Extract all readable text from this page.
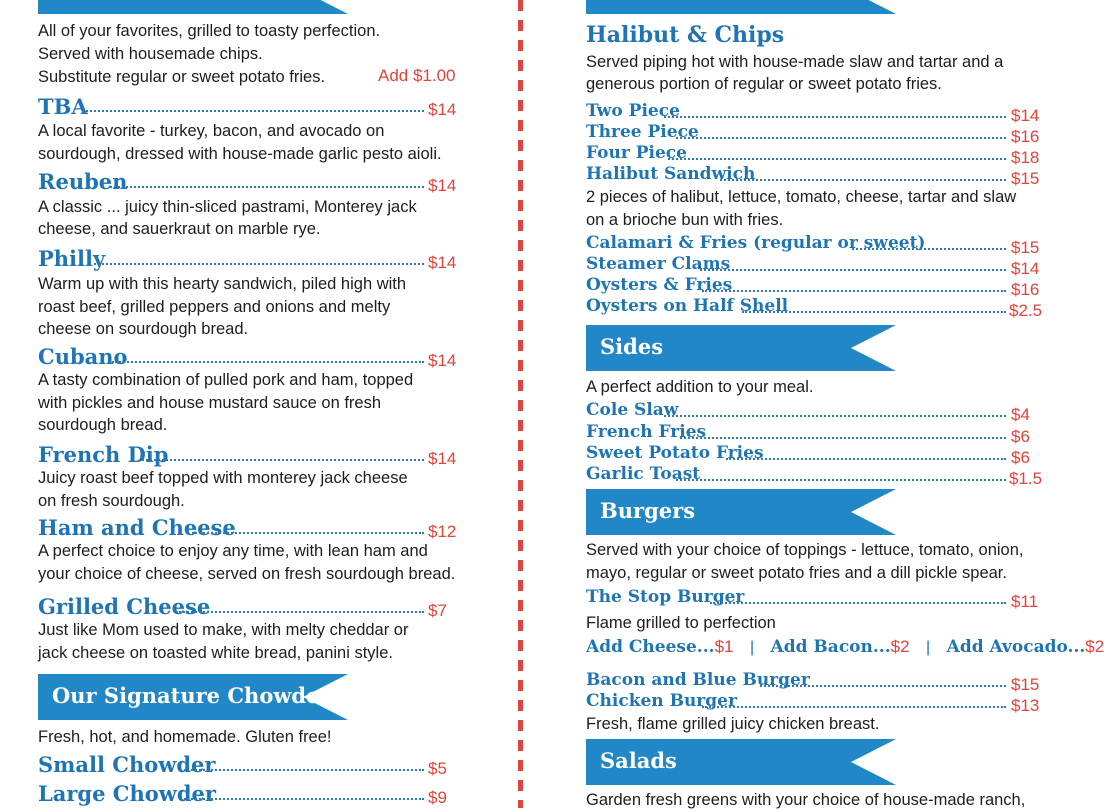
All of your favorites, grilled to toasty perfection.
Served with housemade chips.
Substitute regular or sweet potato fries.	Add $1.00
TBA	$14
A local favorite - turkey, bacon, and avocado on
sourdough, dressed with house-made garlic pesto aioli.
Reuben	$14
A classic ... juicy thin-sliced pastrami, Monterey jack
cheese, and sauerkraut on marble rye.
Philly	$14
Warm up with this hearty sandwich, piled high with
roast beef, grilled peppers and onions and melty
cheese on sourdough bread.
Cubano	$14
A tasty combination of pulled pork and ham, topped
with pickles and house mustard sauce on fresh
sourdough bread.
French Dip	$14
Juicy roast beef topped with monterey jack cheese
on fresh sourdough.
Ham and Cheese	$12
A perfect choice to enjoy any time, with lean ham and
your choice of cheese, served on fresh sourdough bread.
Grilled Cheese	$7
Just like Mom used to make, with melty cheddar or
jack cheese on toasted white bread, panini style.
Our Signature Chowder
Fresh, hot, and homemade. Gluten free!
Small Chowder	$5
Large Chowder	$9
Halibut & Chips
Served piping hot with house-made slaw and tartar and a
generous portion of regular or sweet potato fries.
Two Piece	$14
Three Piece	$16
Four Piece	$18
Halibut Sandwich	$15
2 pieces of halibut, lettuce, tomato, cheese, tartar and slaw
on a brioche bun with fries.
Calamari & Fries (regular or sweet)	$15
Steamer Clams	$14
Oysters & Fries	$16
Oysters on Half Shell	$2.5
Sides
A perfect addition to your meal.
Cole Slaw	$4
French Fries	$6
Sweet Potato Fries	$6
Garlic Toast	$1.5
Burgers
Served with your choice of toppings - lettuce, tomato, onion,
mayo, regular or sweet potato fries and a dill pickle spear.
The Stop Burger	$11
Flame grilled to perfection
Add Cheese...$1 | Add Bacon...$2 | Add Avocado...$2
Bacon and Blue Burger	$15
Chicken Burger	$13
Fresh, flame grilled juicy chicken breast.
Salads
Garden fresh greens with your choice of house-made ranch,
